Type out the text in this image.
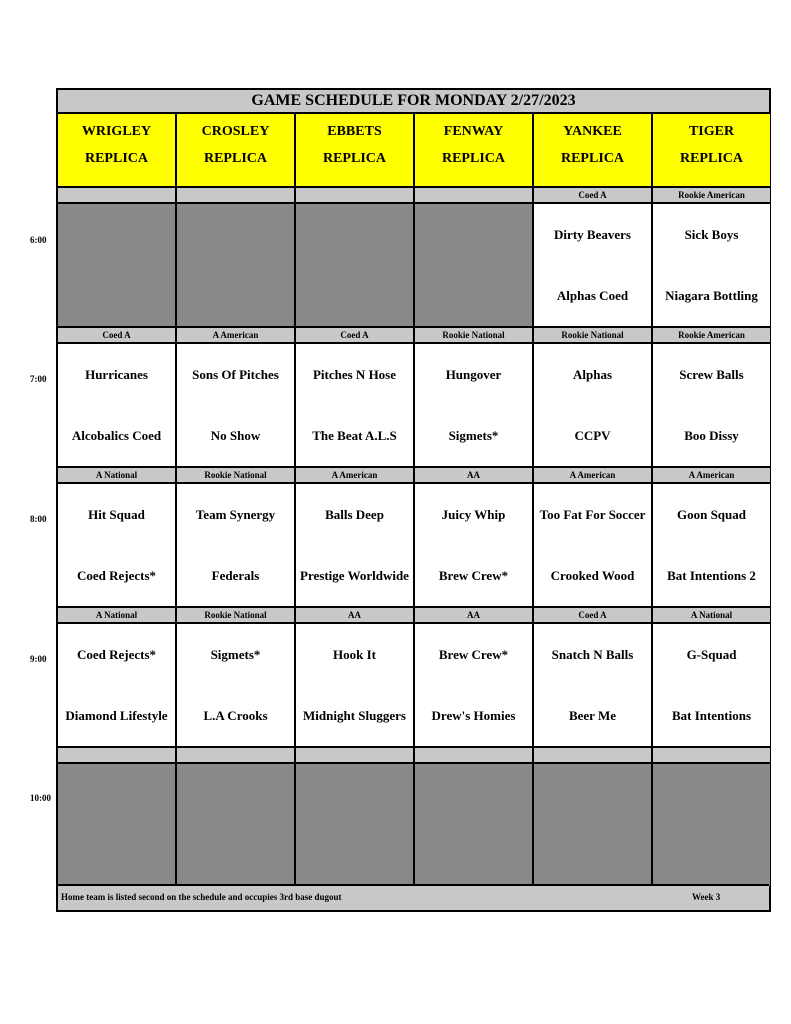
6:00
7:00
8:00
9:00
10:00
GAME SCHEDULE FOR MONDAY 2/27/2023
Home team is listed second on the schedule and occupies 3rd base dugout	Week 3
WRIGLEY
REPLICA
CROSLEY
REPLICA
EBBETS
REPLICA
FENWAY
REPLICA
YANKEE
REPLICA
TIGER
REPLICA
Coed A
Dirty Beavers
Alphas Coed
Rookie American
Sick Boys
Niagara Bottling
Coed A
Hurricanes
Alcobalics Coed
A American
Sons Of Pitches
No Show
Coed A
Pitches N Hose
The Beat A.L.S
Rookie National
Hungover
Sigmets*
Rookie National
Alphas
CCPV
Rookie American
Screw Balls
Boo Dissy
A National
Hit Squad
Coed Rejects*
Rookie National
Team Synergy
Federals
A American
Balls Deep
Prestige Worldwide
AA
Juicy Whip
Brew Crew*
A American
Too Fat For Soccer
Crooked Wood
A American
Goon Squad
Bat Intentions 2
A National
Coed Rejects*
Diamond Lifestyle
Rookie National
Sigmets*
L.A Crooks
AA
Hook It
Midnight Sluggers
AA
Brew Crew*
Drew's Homies
Coed A
Snatch N Balls
Beer Me
A National
G-Squad
Bat Intentions
